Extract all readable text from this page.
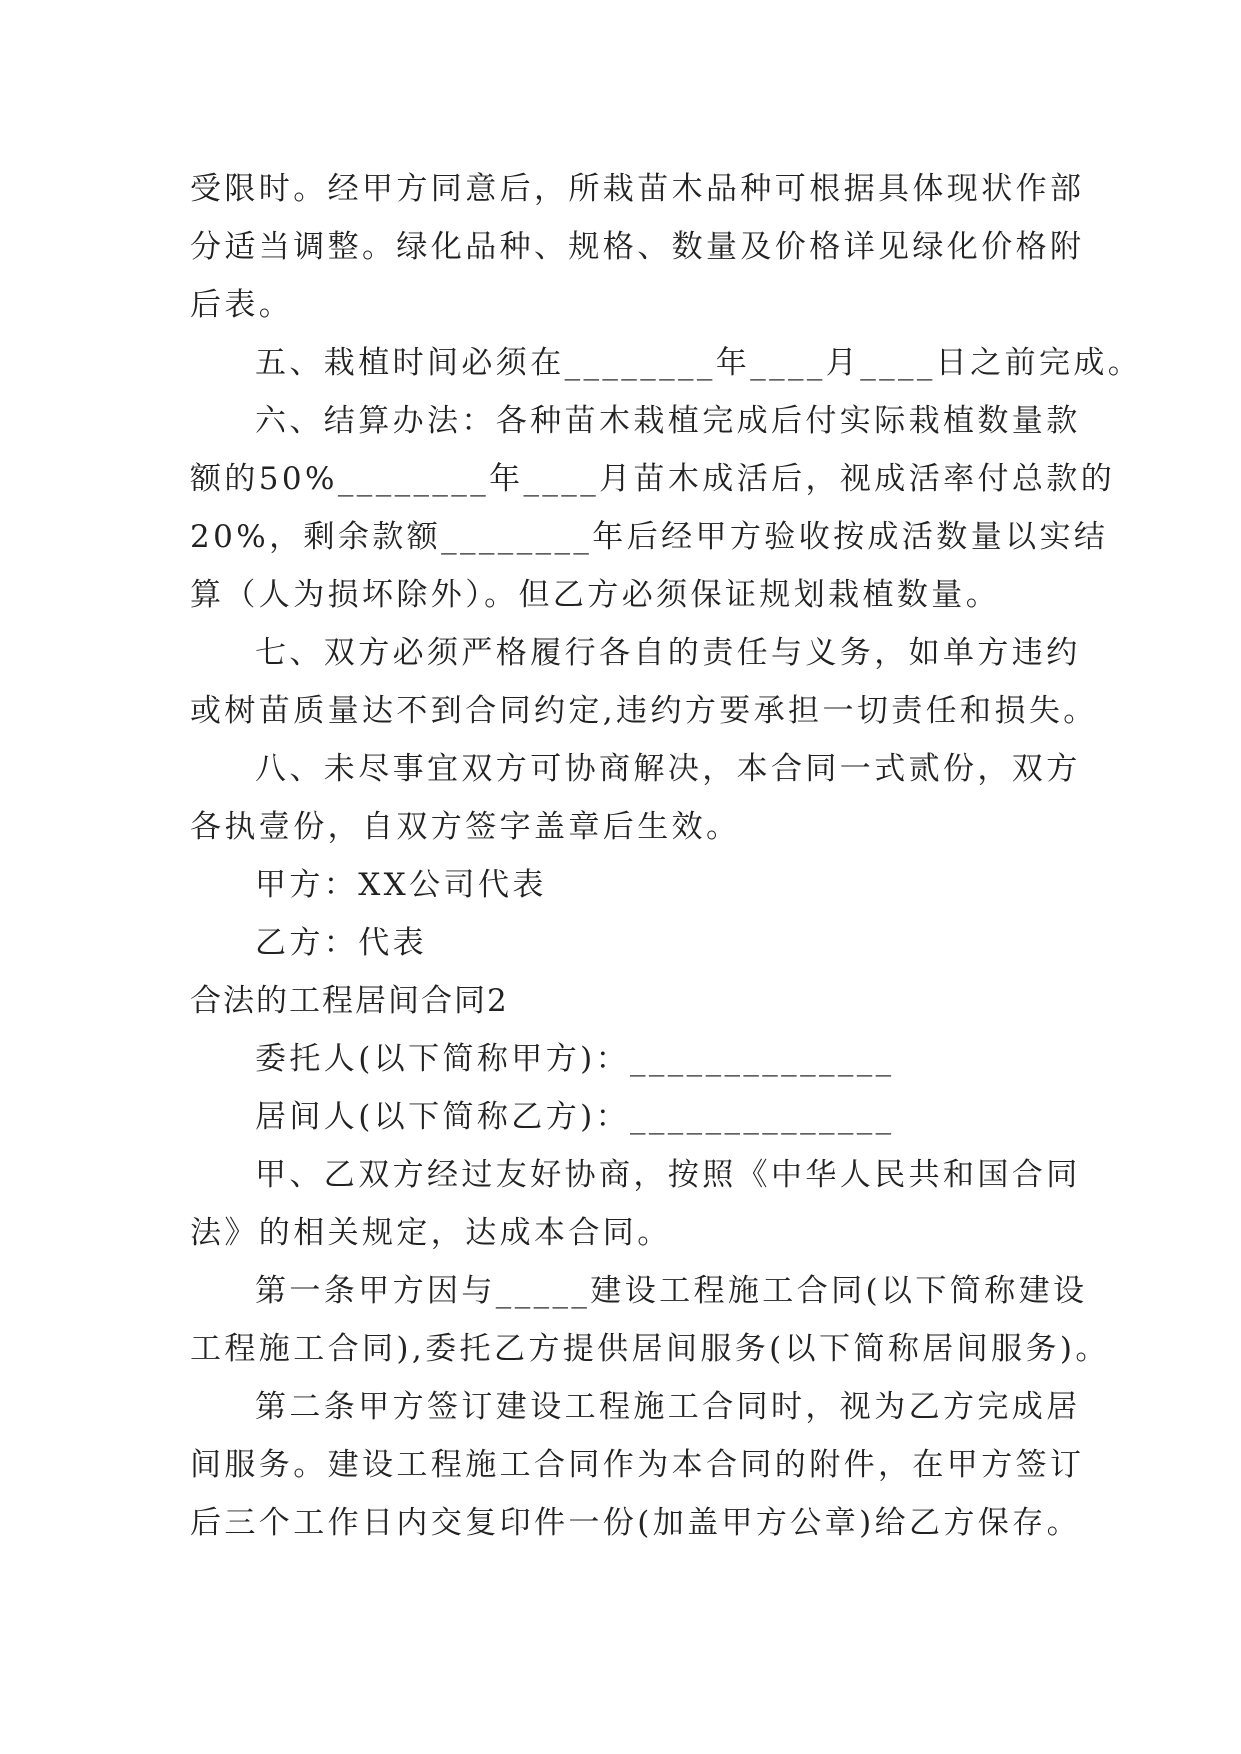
受限时。经甲方同意后，所栽苗木品种可根据具体现状作部
分适当调整。绿化品种、规格、数量及价格详见绿化价格附
后表。
五、栽植时间必须在________年____月____日之前完成。
六、结算办法：各种苗木栽植完成后付实际栽植数量款
额的50%________年____月苗木成活后，视成活率付总款的
20%，剩余款额________年后经甲方验收按成活数量以实结
算（人为损坏除外）。但乙方必须保证规划栽植数量。
七、双方必须严格履行各自的责任与义务，如单方违约
或树苗质量达不到合同约定,违约方要承担一切责任和损失。
八、未尽事宜双方可协商解决，本合同一式贰份，双方
各执壹份，自双方签字盖章后生效。
甲方：XX公司代表
乙方：代表
合法的工程居间合同2
委托人(以下简称甲方)：______________
居间人(以下简称乙方)：______________
甲、乙双方经过友好协商，按照《中华人民共和国合同
法》的相关规定，达成本合同。
第一条甲方因与_____建设工程施工合同(以下简称建设
工程施工合同),委托乙方提供居间服务(以下简称居间服务)。
第二条甲方签订建设工程施工合同时，视为乙方完成居
间服务。建设工程施工合同作为本合同的附件，在甲方签订
后三个工作日内交复印件一份(加盖甲方公章)给乙方保存。
